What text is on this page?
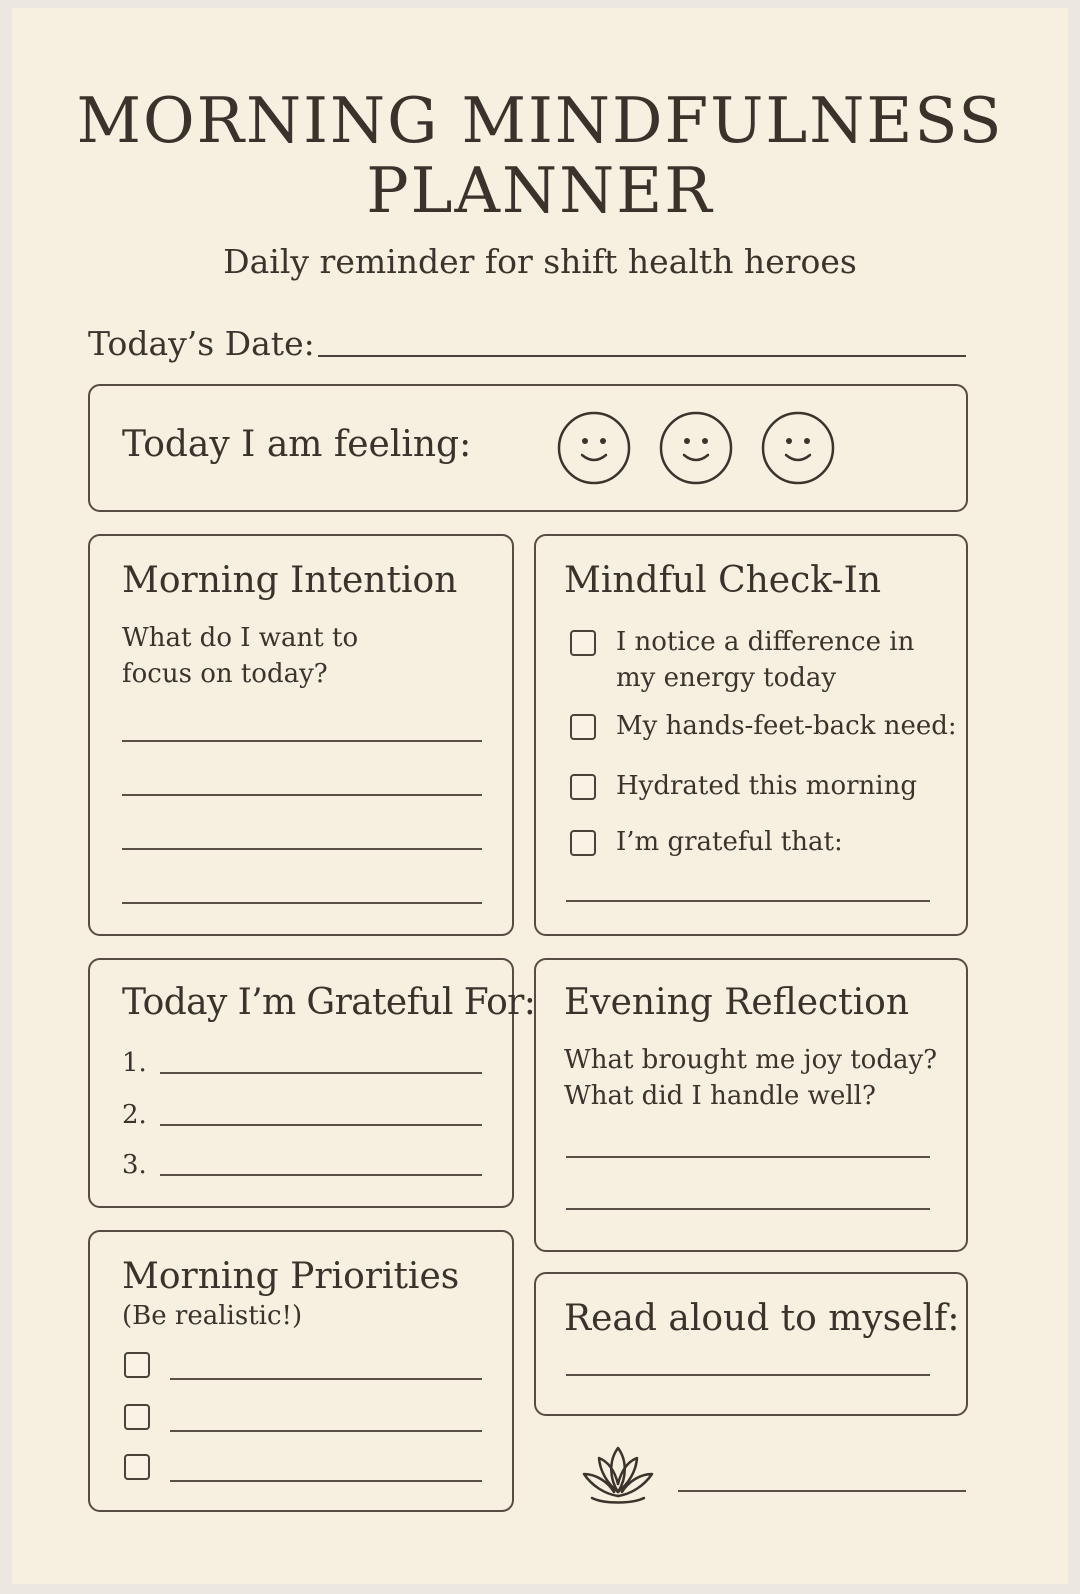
MORNING MINDFULNESS
PLANNER
Daily reminder for shift health heroes
Today’s Date:
Today I am feeling:
Morning Intention
What do I want to
focus on today?
Mindful Check-In
I notice a difference in
my energy today
My hands-feet-back need:
Hydrated this morning
I’m grateful that:
Today I’m Grateful For:
1.
2.
3.
Evening Reflection
What brought me joy today?
What did I handle well?
Morning Priorities
(Be realistic!)	Read aloud to myself:
